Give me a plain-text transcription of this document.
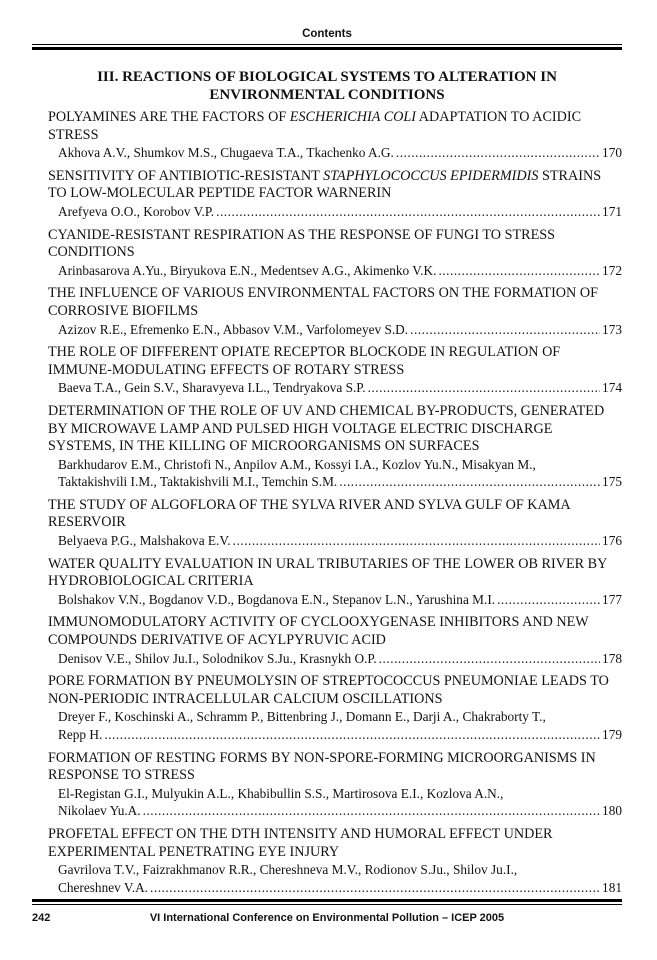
Contents
III. REACTIONS OF BIOLOGICAL SYSTEMS TO ALTERATION IN
ENVIRONMENTAL CONDITIONS
POLYAMINES ARE THE FACTORS OF ESCHERICHIA COLI ADAPTATION TO ACIDIC STRESS
Akhova A.V., Shumkov M.S., Chugaeva T.A., Tkachenko A.G. . . .	170
SENSITIVITY OF ANTIBIOTIC-RESISTANT STAPHYLOCOCCUS EPIDERMIDIS STRAINS TO LOW-MOLECULAR PEPTIDE FACTOR WARNERIN
Arefyeva O.O., Korobov V.P. . . .	171
CYANIDE-RESISTANT RESPIRATION AS THE RESPONSE OF FUNGI TO STRESS CONDITIONS
Arinbasarova A.Yu., Biryukova E.N., Medentsev A.G., Akimenko V.K. . . .	172
THE INFLUENCE OF VARIOUS ENVIRONMENTAL FACTORS ON THE FORMATION OF CORROSIVE BIOFILMS
Azizov R.E., Efremenko E.N., Abbasov V.M., Varfolomeyev S.D. . . .	173
THE ROLE OF DIFFERENT OPIATE RECEPTOR BLOCKODE IN REGULATION OF IMMUNE-MODULATING EFFECTS OF ROTARY STRESS
Baeva T.A., Gein S.V., Sharavyeva I.L., Tendryakova S.P. . . .	174
DETERMINATION OF THE ROLE OF UV AND CHEMICAL BY-PRODUCTS, GENERATED BY MICROWAVE LAMP AND PULSED HIGH VOLTAGE ELECTRIC DISCHARGE SYSTEMS, IN THE KILLING OF MICROORGANISMS ON SURFACES
Barkhudarov E.M., Christofi N., Anpilov A.M., Kossyi I.A., Kozlov Yu.N., Misakyan M.,
Taktakishvili I.M., Taktakishvili M.I., Temchin S.M. . . .	175
THE STUDY OF ALGOFLORA OF THE SYLVA RIVER AND SYLVA GULF OF KAMA RESERVOIR
Belyaeva P.G., Malshakova E.V. . . .	176
WATER QUALITY EVALUATION IN URAL TRIBUTARIES OF THE LOWER OB RIVER BY HYDROBIOLOGICAL CRITERIA
Bolshakov V.N., Bogdanov V.D., Bogdanova E.N., Stepanov L.N., Yarushina M.I. . . .	177
IMMUNOMODULATORY ACTIVITY OF CYCLOOXYGENASE INHIBITORS AND NEW COMPOUNDS DERIVATIVE OF ACYLPYRUVIC ACID
Denisov V.E., Shilov Ju.I., Solodnikov S.Ju., Krasnykh O.P. . . .	178
PORE FORMATION BY PNEUMOLYSIN OF STREPTOCOCCUS PNEUMONIAE LEADS TO NON-PERIODIC INTRACELLULAR CALCIUM OSCILLATIONS
Dreyer F., Koschinski A., Schramm P., Bittenbring J., Domann E., Darji A., Chakraborty T.,
Repp H. . . .	179
FORMATION OF RESTING FORMS BY NON-SPORE-FORMING MICROORGANISMS IN RESPONSE TO STRESS
El-Registan G.I., Mulyukin A.L., Khabibullin S.S., Martirosova E.I., Kozlova A.N.,
Nikolaev Yu.A. . . .	180
PROFETAL EFFECT ON THE DTH INTENSITY AND HUMORAL EFFECT UNDER EXPERIMENTAL PENETRATING EYE INJURY
Gavrilova T.V., Faizrakhmanov R.R., Chereshneva M.V., Rodionov S.Ju., Shilov Ju.I.,
Chereshnev V.A. . . .	181
242	VI International Conference on Environmental Pollution – ICEP 2005
